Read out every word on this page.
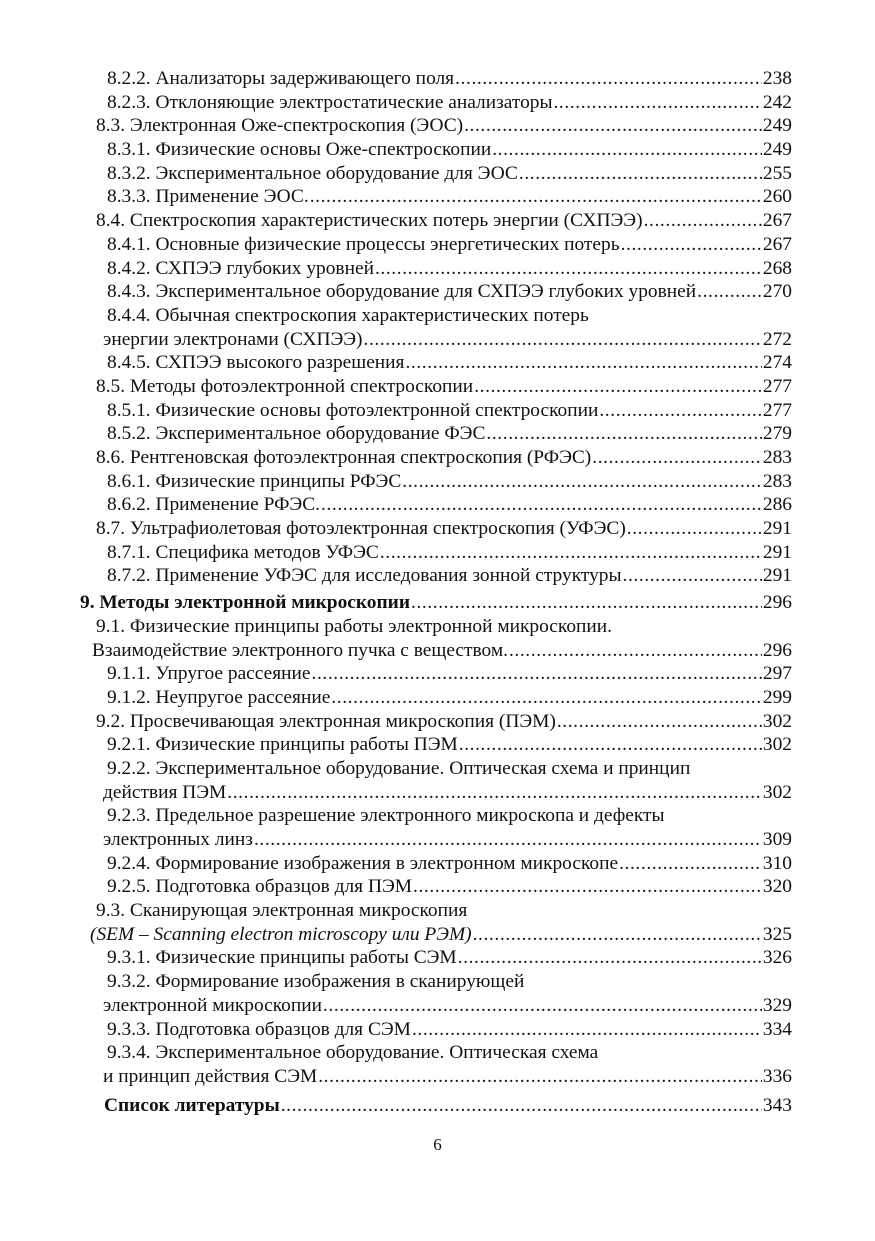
8.2.2. Анализаторы задерживающего поля .....	238
8.2.3. Отклоняющие электростатические анализаторы .....	242
8.3. Электронная Оже-спектроскопия (ЭОС) .....	249
8.3.1. Физические основы Оже-спектроскопии .....	249
8.3.2. Экспериментальное оборудование для ЭОС .....	255
8.3.3. Применение ЭОС. .....	260
8.4. Спектроскопия характеристических потерь энергии (СХПЭЭ) .....	267
8.4.1. Основные физические процессы энергетических потерь .....	267
8.4.2. СХПЭЭ глубоких уровней .....	268
8.4.3. Экспериментальное оборудование для СХПЭЭ глубоких уровней .....	270
8.4.4. Обычная спектроскопия характеристических потерь
энергии электронами (СХПЭЭ) .....	272
8.4.5. СХПЭЭ высокого разрешения .....	274
8.5. Методы фотоэлектронной спектроскопии .....	277
8.5.1. Физические основы фотоэлектронной спектроскопии .....	277
8.5.2. Экспериментальное оборудование ФЭС .....	279
8.6. Рентгеновская фотоэлектронная спектроскопия (РФЭС) .....	283
8.6.1. Физические принципы РФЭС .....	283
8.6.2. Применение РФЭС. .....	286
8.7. Ультрафиолетовая фотоэлектронная спектроскопия (УФЭС) .....	291
8.7.1. Специфика методов УФЭС .....	291
8.7.2. Применение УФЭС для исследования зонной структуры .....	291
9. Методы электронной микроскопии .....	296
9.1. Физические принципы работы электронной микроскопии.
Взаимодействие электронного пучка с веществом. .....	296
9.1.1. Упругое рассеяние .....	297
9.1.2. Неупругое рассеяние .....	299
9.2. Просвечивающая электронная микроскопия (ПЭМ) .....	302
9.2.1. Физические принципы работы ПЭМ .....	302
9.2.2. Экспериментальное оборудование. Оптическая схема и принцип
действия ПЭМ .....	302
9.2.3. Предельное разрешение электронного микроскопа и дефекты
электронных линз .....	309
9.2.4. Формирование изображения в электронном микроскопе .....	310
9.2.5. Подготовка образцов для ПЭМ .....	320
9.3. Сканирующая электронная микроскопия
(SEM – Scanning electron microscopy или РЭМ) .....	325
9.3.1. Физические принципы работы СЭМ .....	326
9.3.2. Формирование изображения в сканирующей
электронной микроскопии .....	329
9.3.3. Подготовка образцов для СЭМ .....	334
9.3.4. Экспериментальное оборудование. Оптическая схема
и принцип действия СЭМ .....	336
Список литературы .....	343
6
